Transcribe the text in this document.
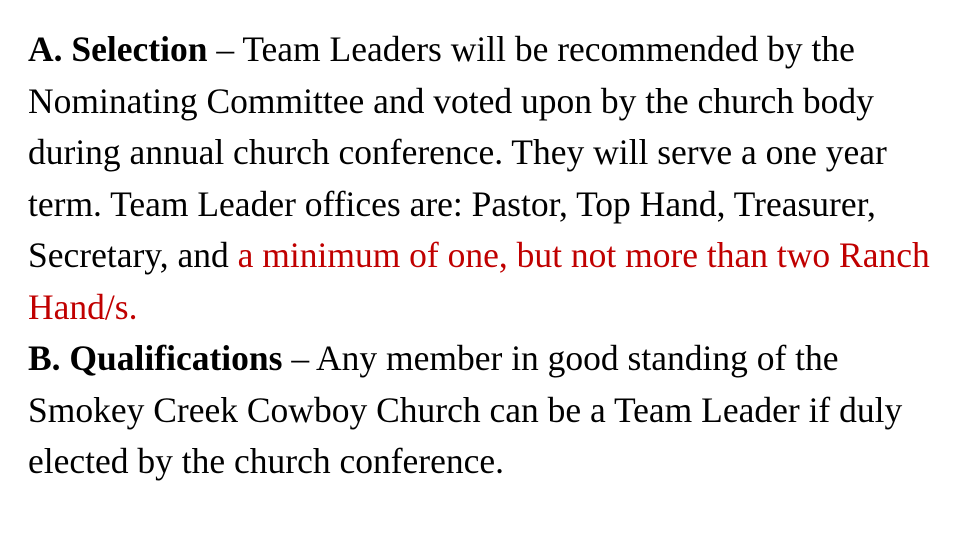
A. Selection – Team Leaders will be recommended by the Nominating Committee and voted upon by the church body during annual church conference. They will serve a one year term. Team Leader offices are: Pastor, Top Hand, Treasurer, Secretary, and a minimum of one, but not more than two Ranch Hand/s.

B. Qualifications – Any member in good standing of the Smokey Creek Cowboy Church can be a Team Leader if duly elected by the church conference.
